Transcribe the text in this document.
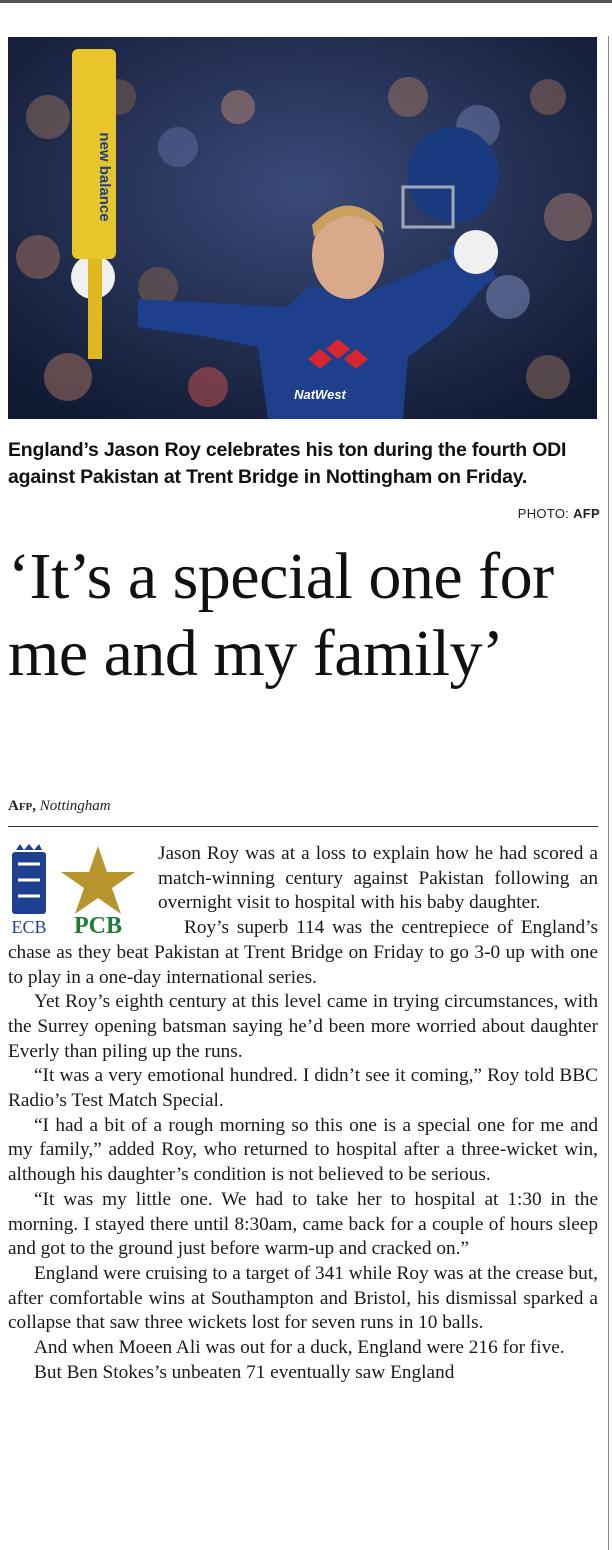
new balance
NatWest
England’s Jason Roy celebrates his ton during the fourth ODI against Pakistan at Trent Bridge in Nottingham on Friday.
PHOTO: AFP
‘It’s a special one for me and my family’
Afp, Nottingham
ECB PCB

Jason Roy was at a loss to explain how he had scored a match-winning century against Pakistan following an overnight visit to hospital with his baby daughter.

Roy’s superb 114 was the centrepiece of England’s chase as they beat Pakistan at Trent Bridge on Friday to go 3-0 up with one to play in a one-day international series.

Yet Roy’s eighth century at this level came in trying circumstances, with the Surrey opening batsman saying he’d been more worried about daughter Everly than piling up the runs.

“It was a very emotional hundred. I didn’t see it coming,” Roy told BBC Radio’s Test Match Special.

“I had a bit of a rough morning so this one is a special one for me and my family,” added Roy, who returned to hospital after a three-wicket win, although his daughter’s condition is not believed to be serious.

“It was my little one. We had to take her to hospital at 1:30 in the morning. I stayed there until 8:30am, came back for a couple of hours sleep and got to the ground just before warm-up and cracked on.”

England were cruising to a target of 341 while Roy was at the crease but, after comfortable wins at Southampton and Bristol, his dismissal sparked a collapse that saw three wickets lost for seven runs in 10 balls.

And when Moeen Ali was out for a duck, England were 216 for five.

But Ben Stokes’s unbeaten 71 eventually saw England
